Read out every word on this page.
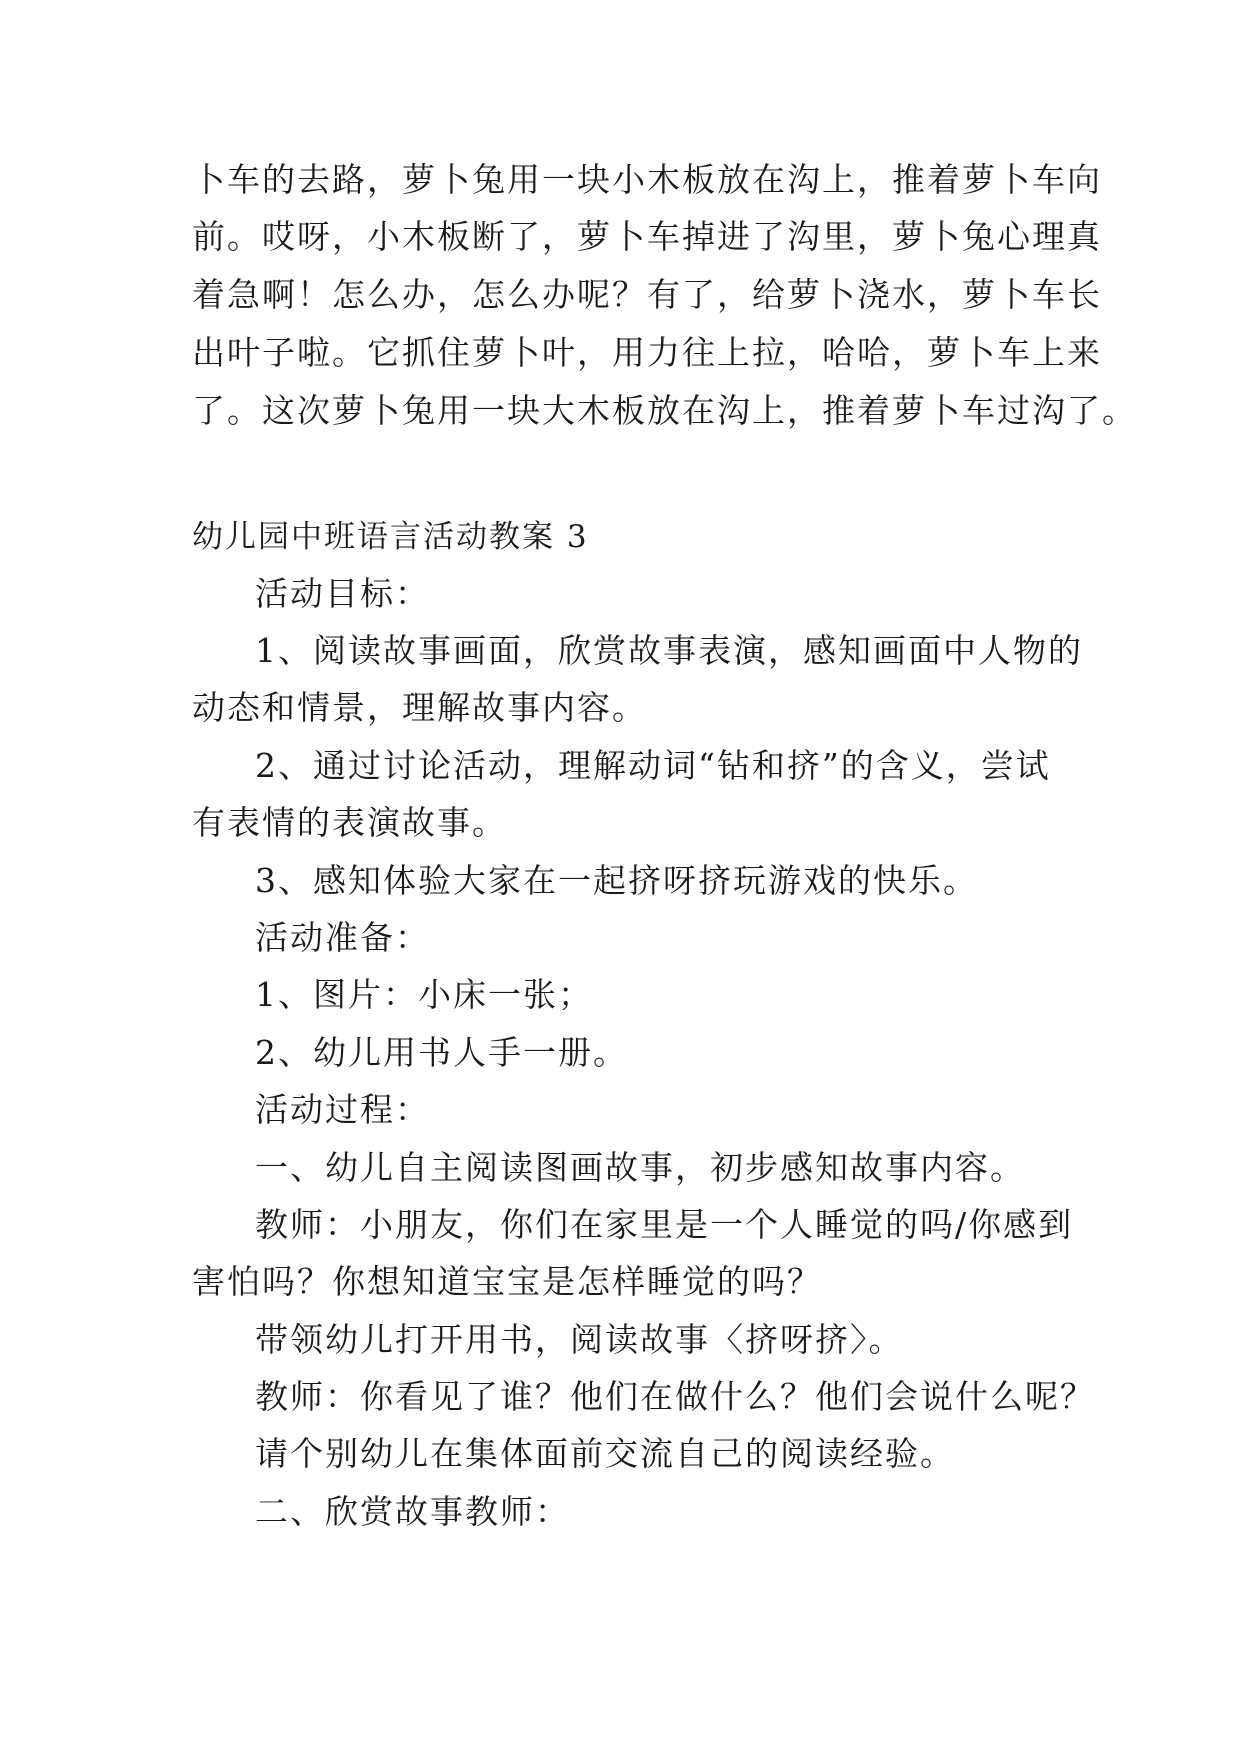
卜车的去路，萝卜兔用一块小木板放在沟上，推着萝卜车向
前。哎呀，小木板断了，萝卜车掉进了沟里，萝卜兔心理真
着急啊！怎么办，怎么办呢？有了，给萝卜浇水，萝卜车长
出叶子啦。它抓住萝卜叶，用力往上拉，哈哈，萝卜车上来
了。这次萝卜兔用一块大木板放在沟上，推着萝卜车过沟了。
幼儿园中班语言活动教案 3
活动目标：
1、阅读故事画面，欣赏故事表演，感知画面中人物的
动态和情景，理解故事内容。
2、通过讨论活动，理解动词“钻和挤”的含义，尝试
有表情的表演故事。
3、感知体验大家在一起挤呀挤玩游戏的快乐。
活动准备：
1、图片：小床一张；
2、幼儿用书人手一册。
活动过程：
一、幼儿自主阅读图画故事，初步感知故事内容。
教师：小朋友，你们在家里是一个人睡觉的吗/你感到
害怕吗？你想知道宝宝是怎样睡觉的吗？
带领幼儿打开用书，阅读故事〈挤呀挤〉。
教师：你看见了谁？他们在做什么？他们会说什么呢？
请个别幼儿在集体面前交流自己的阅读经验。
二、欣赏故事教师：
